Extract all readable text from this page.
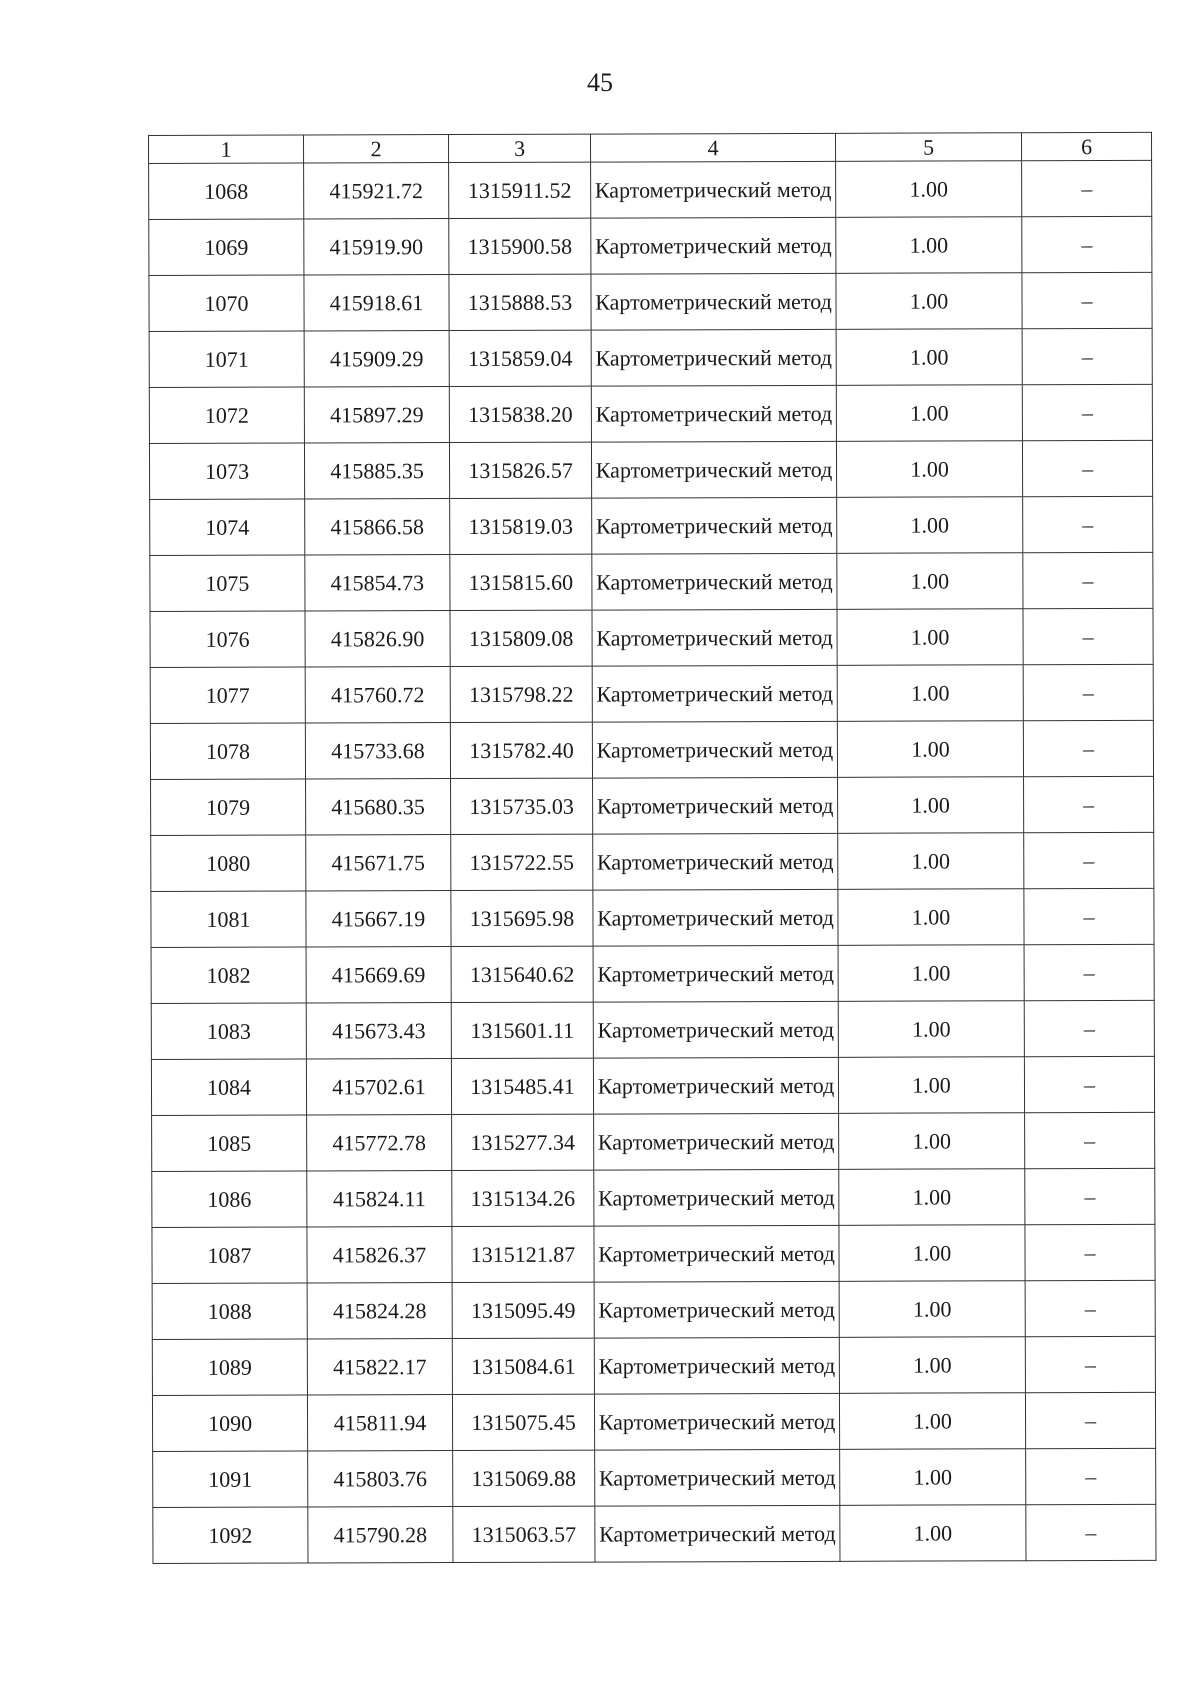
45
1	2	3	4	5	6
1068	415921.72	1315911.52	Картометрический метод	1.00	–
1069	415919.90	1315900.58	Картометрический метод	1.00	–
1070	415918.61	1315888.53	Картометрический метод	1.00	–
1071	415909.29	1315859.04	Картометрический метод	1.00	–
1072	415897.29	1315838.20	Картометрический метод	1.00	–
1073	415885.35	1315826.57	Картометрический метод	1.00	–
1074	415866.58	1315819.03	Картометрический метод	1.00	–
1075	415854.73	1315815.60	Картометрический метод	1.00	–
1076	415826.90	1315809.08	Картометрический метод	1.00	–
1077	415760.72	1315798.22	Картометрический метод	1.00	–
1078	415733.68	1315782.40	Картометрический метод	1.00	–
1079	415680.35	1315735.03	Картометрический метод	1.00	–
1080	415671.75	1315722.55	Картометрический метод	1.00	–
1081	415667.19	1315695.98	Картометрический метод	1.00	–
1082	415669.69	1315640.62	Картометрический метод	1.00	–
1083	415673.43	1315601.11	Картометрический метод	1.00	–
1084	415702.61	1315485.41	Картометрический метод	1.00	–
1085	415772.78	1315277.34	Картометрический метод	1.00	–
1086	415824.11	1315134.26	Картометрический метод	1.00	–
1087	415826.37	1315121.87	Картометрический метод	1.00	–
1088	415824.28	1315095.49	Картометрический метод	1.00	–
1089	415822.17	1315084.61	Картометрический метод	1.00	–
1090	415811.94	1315075.45	Картометрический метод	1.00	–
1091	415803.76	1315069.88	Картометрический метод	1.00	–
1092	415790.28	1315063.57	Картометрический метод	1.00	–
